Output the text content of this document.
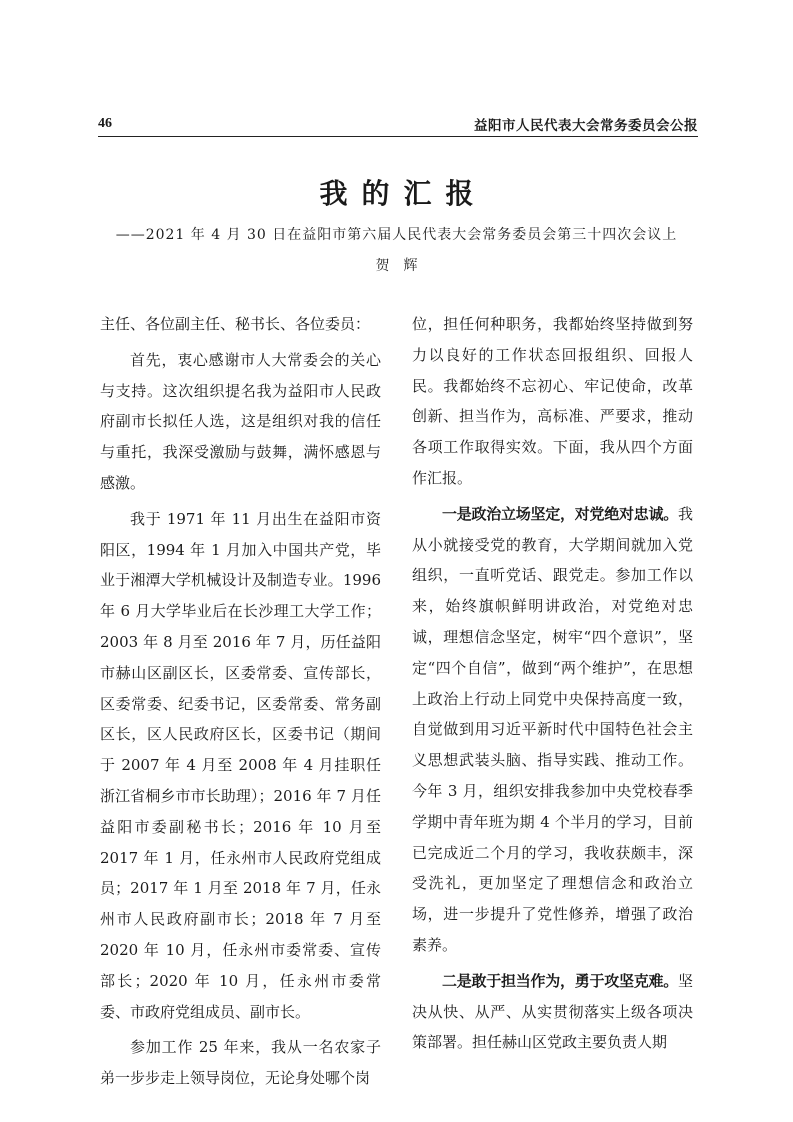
46	益阳市人民代表大会常务委员会公报
我的汇报
——2021 年 4 月 30 日在益阳市第六届人民代表大会常务委员会第三十四次会议上
贺辉

主任、各位副主任、秘书长、各位委员：

首先，衷心感谢市人大常委会的关心与支持。这次组织提名我为益阳市人民政府副市长拟任人选，这是组织对我的信任与重托，我深受激励与鼓舞，满怀感恩与感激。

我于 1971 年 11 月出生在益阳市资阳区，1994 年 1 月加入中国共产党，毕业于湘潭大学机械设计及制造专业。1996 年 6 月大学毕业后在长沙理工大学工作；2003 年 8 月至 2016 年 7 月，历任益阳市赫山区副区长，区委常委、宣传部长，区委常委、纪委书记，区委常委、常务副区长，区人民政府区长，区委书记（期间于 2007 年 4 月至 2008 年 4 月挂职任浙江省桐乡市市长助理）；2016 年 7 月任益阳市委副秘书长；2016 年 10 月至 2017 年 1 月，任永州市人民政府党组成员；2017 年 1 月至 2018 年 7 月，任永州市人民政府副市长；2018 年 7 月至 2020 年 10 月，任永州市委常委、宣传部长；2020 年 10 月，任永州市委常委、市政府党组成员、副市长。

参加工作 25 年来，我从一名农家子弟一步步走上领导岗位，无论身处哪个岗

位，担任何种职务，我都始终坚持做到努力以良好的工作状态回报组织、回报人民。我都始终不忘初心、牢记使命，改革创新、担当作为，高标准、严要求，推动各项工作取得实效。下面，我从四个方面作汇报。

一是政治立场坚定，对党绝对忠诚。我从小就接受党的教育，大学期间就加入党组织，一直听党话、跟党走。参加工作以来，始终旗帜鲜明讲政治，对党绝对忠诚，理想信念坚定，树牢“四个意识”，坚定“四个自信”，做到“两个维护”，在思想上政治上行动上同党中央保持高度一致，自觉做到用习近平新时代中国特色社会主义思想武装头脑、指导实践、推动工作。今年 3 月，组织安排我参加中央党校春季学期中青年班为期 4 个半月的学习，目前已完成近二个月的学习，我收获颇丰，深受洗礼，更加坚定了理想信念和政治立场，进一步提升了党性修养，增强了政治素养。

二是敢于担当作为，勇于攻坚克难。坚决从快、从严、从实贯彻落实上级各项决策部署。担任赫山区党政主要负责人期
